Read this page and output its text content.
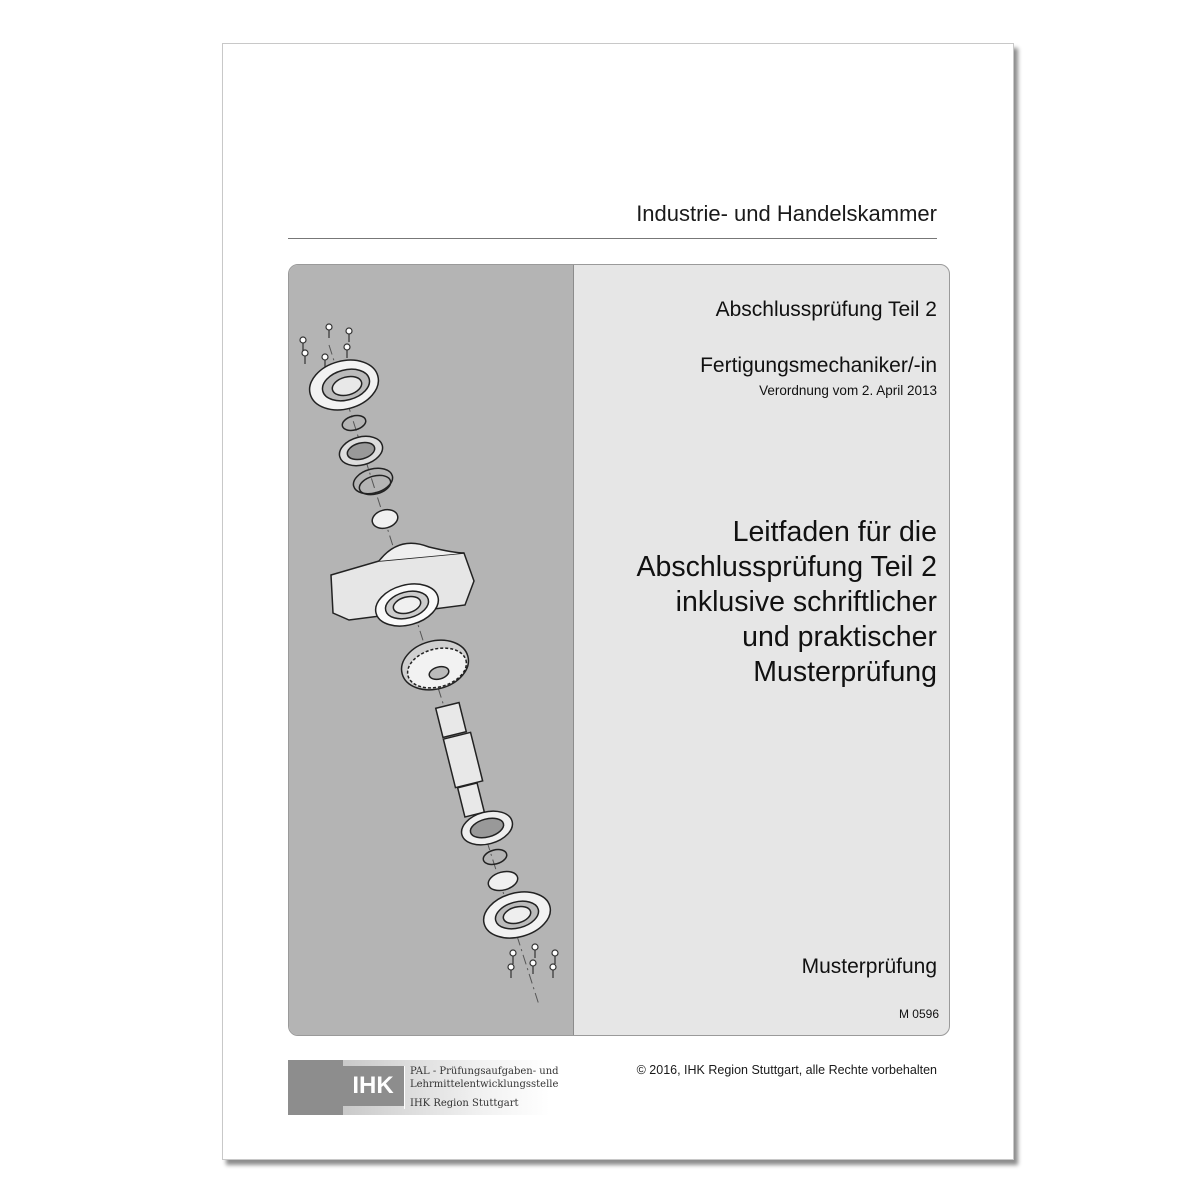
Industrie- und Handelskammer
Abschlussprüfung Teil 2
Fertigungsmechaniker/-in
Verordnung vom 2. April 2013
Leitfaden für die
Abschlussprüfung Teil 2
inklusive schriftlicher
und praktischer
Musterprüfung
Musterprüfung
M 0596
IHK
PAL - Prüfungsaufgaben- und
Lehrmittelentwicklungsstelle
IHK Region Stuttgart
© 2016, IHK Region Stuttgart, alle Rechte vorbehalten
